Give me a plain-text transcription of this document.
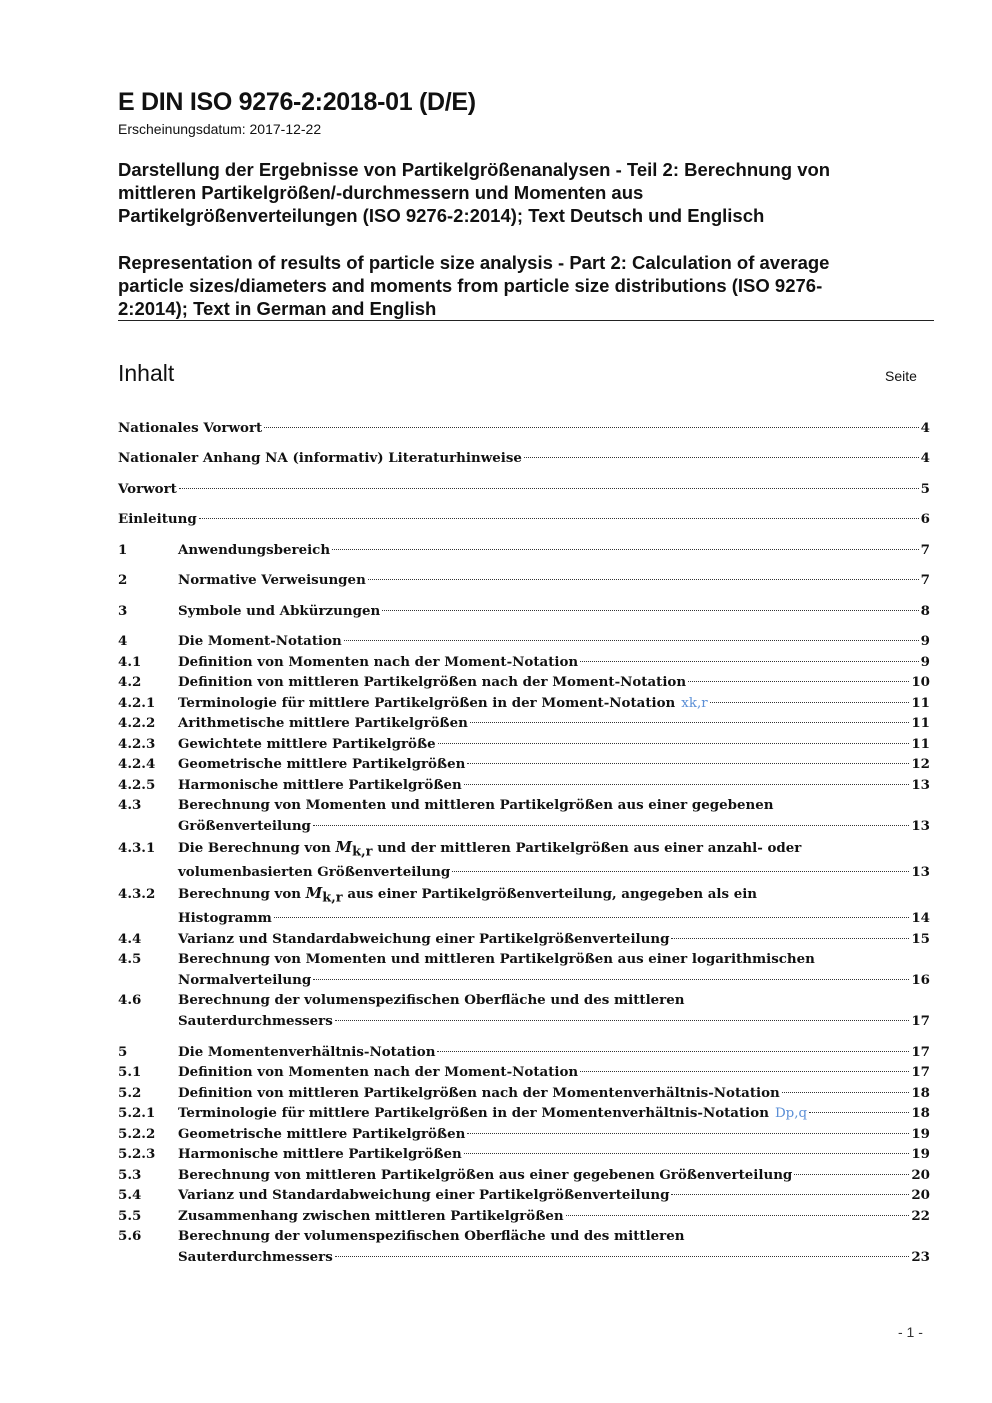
E DIN ISO 9276-2:2018-01 (D/E)
Erscheinungsdatum: 2017-12-22
Darstellung der Ergebnisse von Partikelgrößenanalysen - Teil 2: Berechnung von
mittleren Partikelgrößen/-durchmessern und Momenten aus
Partikelgrößenverteilungen (ISO 9276-2:2014); Text Deutsch und Englisch
Representation of results of particle size analysis - Part 2: Calculation of average
particle sizes/diameters and moments from particle size distributions (ISO 9276-
2:2014); Text in German and English
Inhalt	Seite
Nationales Vorwort	4
Nationaler Anhang NA (informativ) Literaturhinweise	4
Vorwort	5
Einleitung	6
1	Anwendungsbereich	7
2	Normative Verweisungen	7
3	Symbole und Abkürzungen	8
4	Die Moment-Notation	9
4.1	Definition von Momenten nach der Moment-Notation	9
4.2	Definition von mittleren Partikelgrößen nach der Moment-Notation	10
4.2.1	Terminologie für mittlere Partikelgrößen in der Moment-Notation xk,r	11
4.2.2	Arithmetische mittlere Partikelgrößen	11
4.2.3	Gewichtete mittlere Partikelgröße	11
4.2.4	Geometrische mittlere Partikelgrößen	12
4.2.5	Harmonische mittlere Partikelgrößen	13
4.3	Berechnung von Momenten und mittleren Partikelgrößen aus einer gegebenen
Größenverteilung	13
4.3.1	Die Berechnung von $M_{k,r}$ und der mittleren Partikelgrößen aus einer anzahl- oder
volumenbasierten Größenverteilung	13
4.3.2	Berechnung von $M_{k,r}$ aus einer Partikelgrößenverteilung, angegeben als ein
Histogramm	14
4.4	Varianz und Standardabweichung einer Partikelgrößenverteilung	15
4.5	Berechnung von Momenten und mittleren Partikelgrößen aus einer logarithmischen
Normalverteilung	16
4.6	Berechnung der volumenspezifischen Oberfläche und des mittleren
Sauterdurchmessers	17
5	Die Momentenverhältnis-Notation	17
5.1	Definition von Momenten nach der Moment-Notation	17
5.2	Definition von mittleren Partikelgrößen nach der Momentenverhältnis-Notation	18
5.2.1	Terminologie für mittlere Partikelgrößen in der Momentenverhältnis-Notation Dp,q	18
5.2.2	Geometrische mittlere Partikelgrößen	19
5.2.3	Harmonische mittlere Partikelgrößen	19
5.3	Berechnung von mittleren Partikelgrößen aus einer gegebenen Größenverteilung	20
5.4	Varianz und Standardabweichung einer Partikelgrößenverteilung	20
5.5	Zusammenhang zwischen mittleren Partikelgrößen	22
5.6	Berechnung der volumenspezifischen Oberfläche und des mittleren
Sauterdurchmessers	23
- 1 -
